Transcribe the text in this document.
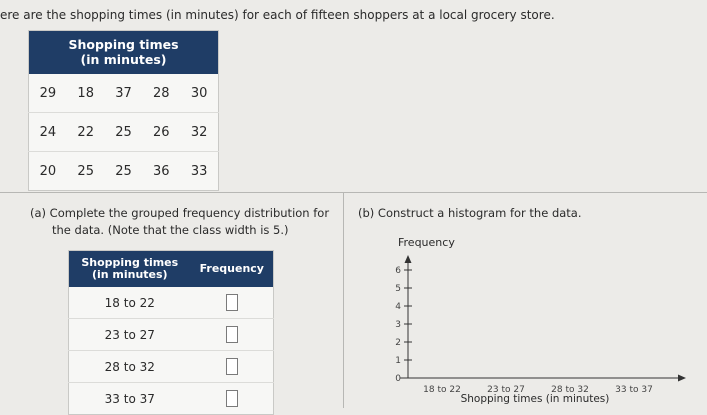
ere are the shopping times (in minutes) for each of fifteen shoppers at a local grocery store.
Shopping times
(in minutes)				
29	18	37	28	30
24	22	25	26	32
20	25	25	36	33
(a) Complete the grouped frequency distribution for
the data. (Note that the class width is 5.)
(b) Construct a histogram for the data.
Shopping times
(in minutes)	Frequency
18 to 22	
23 to 27	
28 to 32	
33 to 37	
Frequency
0
1
2
3
4
5
6
18 to 22	23 to 27	28 to 32	33 to 37
Shopping times (in minutes)
